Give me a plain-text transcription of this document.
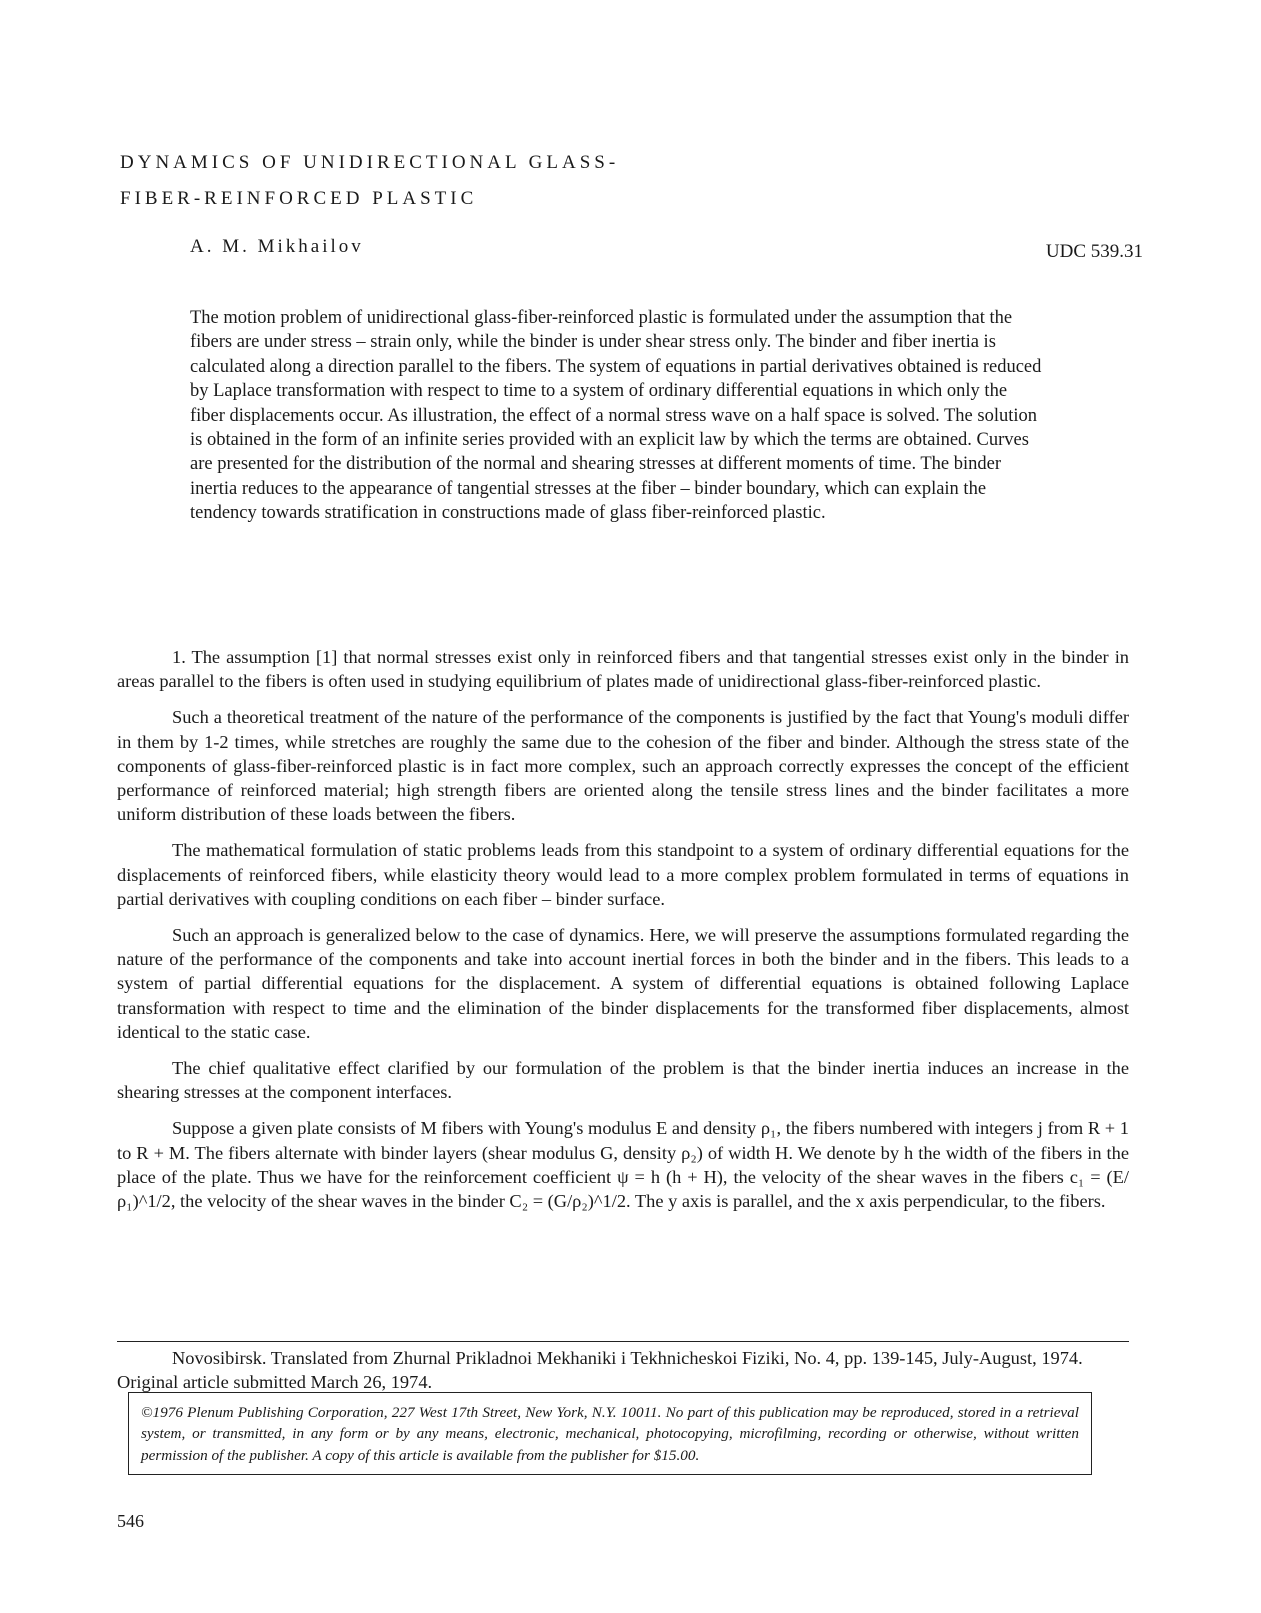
DYNAMICS OF UNIDIRECTIONAL GLASS-
FIBER-REINFORCED PLASTIC
A. M. Mikhailov	UDC 539.31

The motion problem of unidirectional glass-fiber-reinforced plastic is formulated under the assumption that the fibers are under stress – strain only, while the binder is under shear stress only. The binder and fiber inertia is calculated along a direction parallel to the fibers. The system of equations in partial derivatives obtained is reduced by Laplace transformation with respect to time to a system of ordinary differential equations in which only the fiber displacements occur. As illustration, the effect of a normal stress wave on a half space is solved. The solution is obtained in the form of an infinite series provided with an explicit law by which the terms are obtained. Curves are presented for the distribution of the normal and shearing stresses at different moments of time. The binder inertia reduces to the appearance of tangential stresses at the fiber – binder boundary, which can explain the tendency towards stratification in constructions made of glass fiber-reinforced plastic.

1. The assumption [1] that normal stresses exist only in reinforced fibers and that tangential stresses exist only in the binder in areas parallel to the fibers is often used in studying equilibrium of plates made of unidirectional glass-fiber-reinforced plastic.

Such a theoretical treatment of the nature of the performance of the components is justified by the fact that Young's moduli differ in them by 1-2 times, while stretches are roughly the same due to the cohesion of the fiber and binder. Although the stress state of the components of glass-fiber-reinforced plastic is in fact more complex, such an approach correctly expresses the concept of the efficient performance of reinforced material; high strength fibers are oriented along the tensile stress lines and the binder facilitates a more uniform distribution of these loads between the fibers.

The mathematical formulation of static problems leads from this standpoint to a system of ordinary differential equations for the displacements of reinforced fibers, while elasticity theory would lead to a more complex problem formulated in terms of equations in partial derivatives with coupling conditions on each fiber – binder surface.

Such an approach is generalized below to the case of dynamics. Here, we will preserve the assumptions formulated regarding the nature of the performance of the components and take into account inertial forces in both the binder and in the fibers. This leads to a system of partial differential equations for the displacement. A system of differential equations is obtained following Laplace transformation with respect to time and the elimination of the binder displacements for the transformed fiber displacements, almost identical to the static case.

The chief qualitative effect clarified by our formulation of the problem is that the binder inertia induces an increase in the shearing stresses at the component interfaces.

Suppose a given plate consists of M fibers with Young's modulus E and density ρ₁, the fibers numbered with integers j from R + 1 to R + M. The fibers alternate with binder layers (shear modulus G, density ρ₂) of width H. We denote by h the width of the fibers in the place of the plate. Thus we have for the reinforcement coefficient ψ = h (h + H), the velocity of the shear waves in the fibers c₁ = (E/ρ₁)^1/2, the velocity of the shear waves in the binder C₂ = (G/ρ₂)^1/2. The y axis is parallel, and the x axis perpendicular, to the fibers.

Novosibirsk. Translated from Zhurnal Prikladnoi Mekhaniki i Tekhnicheskoi Fiziki, No. 4, pp. 139-145, July-August, 1974. Original article submitted March 26, 1974.

©1976 Plenum Publishing Corporation, 227 West 17th Street, New York, N.Y. 10011. No part of this publication may be reproduced, stored in a retrieval system, or transmitted, in any form or by any means, electronic, mechanical, photocopying, microfilming, recording or otherwise, without written permission of the publisher. A copy of this article is available from the publisher for $15.00.
546
